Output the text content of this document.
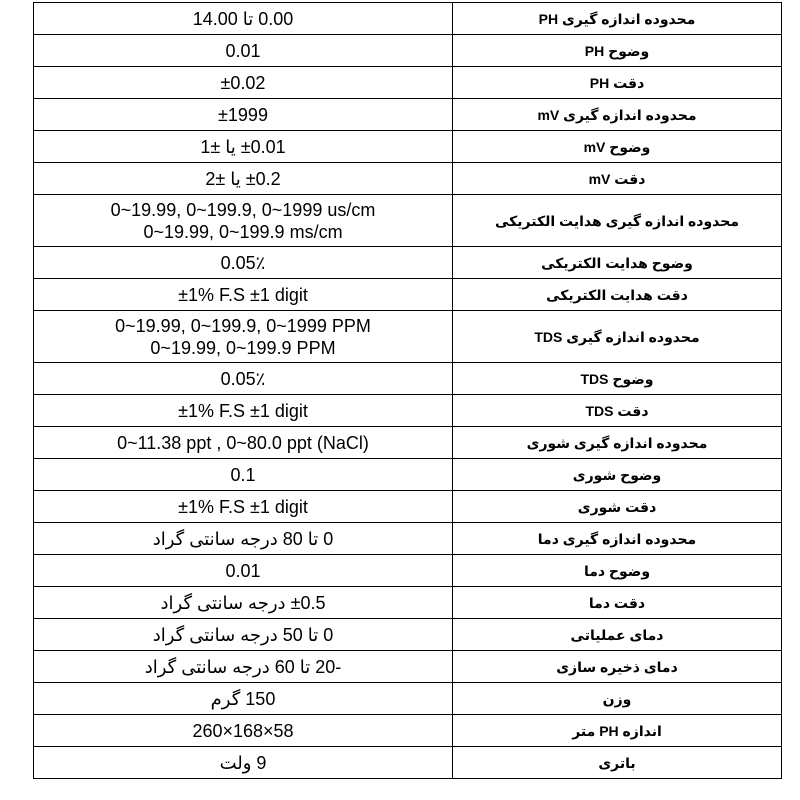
0.00 تا 14.00	محدوده اندازه گیری PH

0.01	وضوح PH

±0.02	دقت PH

±1999	محدوده اندازه گیری mV

±0.01 یا ±1	وضوح mV

±0.2 یا ±2	دقت mV

0~19.99, 0~199.9, 0~1999 us/cm
0~19.99, 0~199.9 ms/cm	محدوده اندازه گیری هدایت الکتریکی

0.05٪	وضوح هدایت الکتریکی

±1% F.S ±1 digit	دقت هدایت الکتریکی

0~19.99, 0~199.9, 0~1999 PPM
0~19.99, 0~199.9 PPM	محدوده اندازه گیری TDS

0.05٪	وضوح TDS

±1% F.S ±1 digit	دقت TDS

0~11.38 ppt , 0~80.0 ppt (NaCl)	محدوده اندازه گیری شوری

0.1	وضوح شوری

±1% F.S ±1 digit	دقت شوری

0 تا 80 درجه سانتی گراد	محدوده اندازه گیری دما

0.01	وضوح دما

±0.5 درجه سانتی گراد	دقت دما

0 تا 50 درجه سانتی گراد	دمای عملیاتی

-20 تا 60 درجه سانتی گراد	دمای ذخیره سازی

150 گرم	وزن

260×168×58	اندازه PH متر

9 ولت	باتری
